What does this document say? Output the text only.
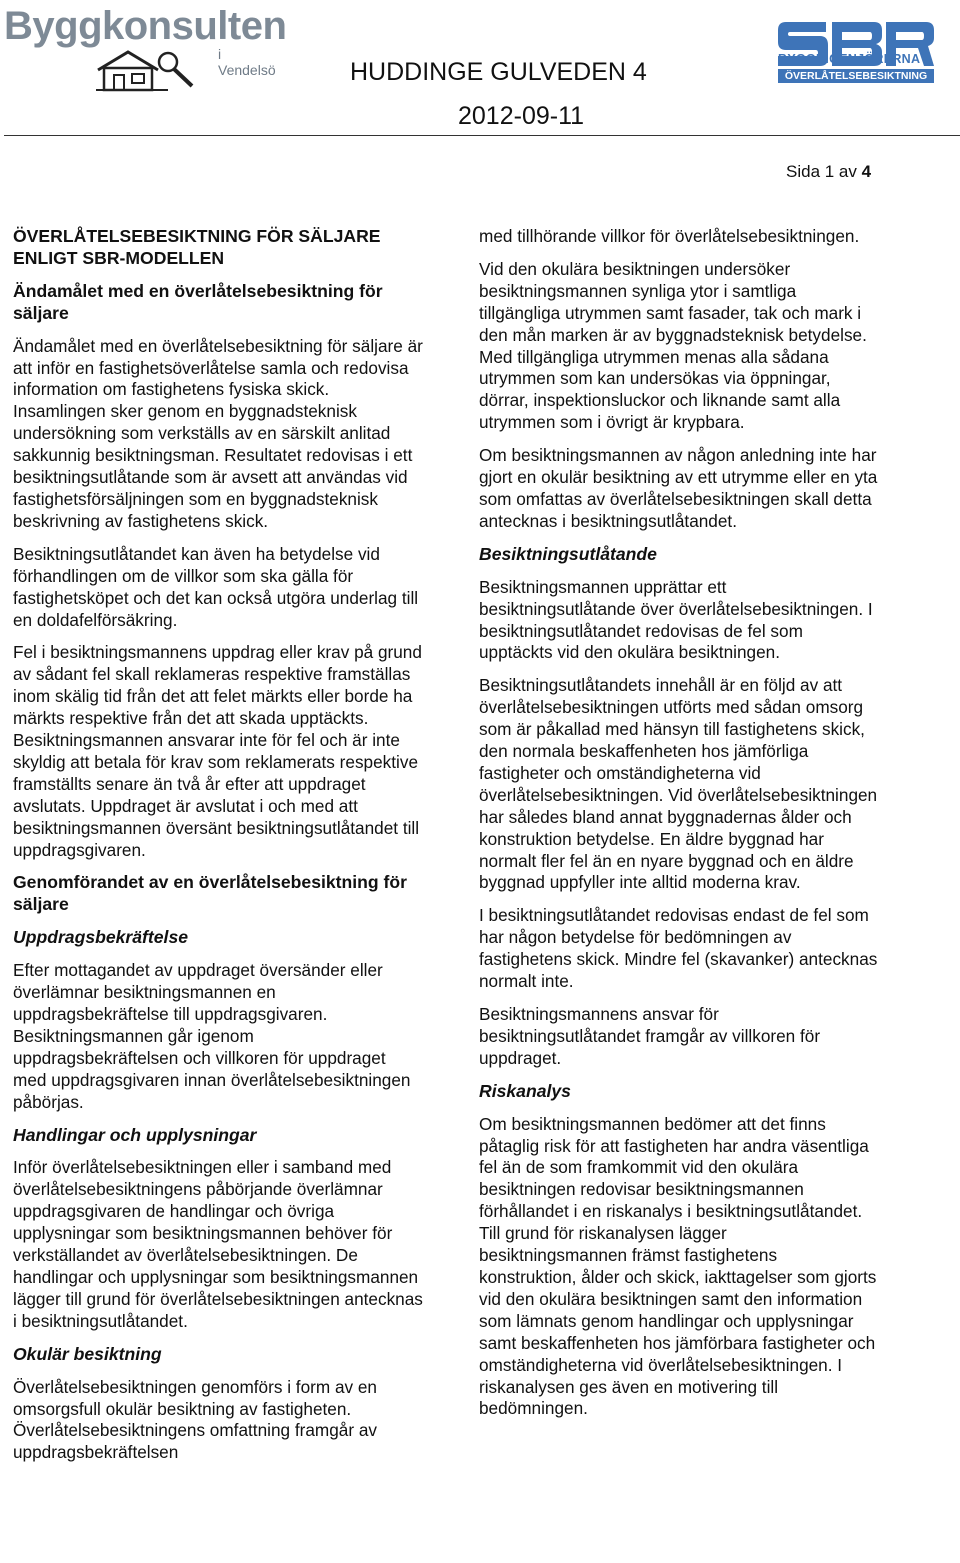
Byggkonsulten
i Vendelsö	HUDDINGE GULVEDEN 4
2012-09-11
BYGGINGENJÖRERNA
ÖVERLÅTELSEBESIKTNING
Sida 1 av 4
ÖVERLÅTELSEBESIKTNING FÖR SÄLJARE ENLIGT SBR-MODELLEN
Ändamålet med en överlåtelsebesiktning för säljare

Ändamålet med en överlåtelsebesiktning för säljare är att inför en fastighetsöverlåtelse samla och redovisa information om fastighetens fysiska skick. Insamlingen sker genom en byggnadsteknisk undersökning som verkställs av en särskilt anlitad sakkunnig besiktningsman. Resultatet redovisas i ett besiktningsutlåtande som är avsett att användas vid fastighetsförsäljningen som en byggnadsteknisk beskrivning av fastighetens skick.

Besiktningsutlåtandet kan även ha betydelse vid förhandlingen om de villkor som ska gälla för fastighetsköpet och det kan också utgöra underlag till en doldafelförsäkring.

Fel i besiktningsmannens uppdrag eller krav på grund av sådant fel skall reklameras respektive framställas inom skälig tid från det att felet märkts eller borde ha märkts respektive från det att skada upptäckts. Besiktningsmannen ansvarar inte för fel och är inte skyldig att betala för krav som reklamerats respektive framställts senare än två år efter att uppdraget avslutats. Uppdraget är avslutat i och med att besiktningsmannen översänt besiktningsutlåtandet till uppdragsgivaren.

Genomförandet av en överlåtelsebesiktning för säljare
Uppdragsbekräftelse

Efter mottagandet av uppdraget översänder eller överlämnar besiktningsmannen en uppdragsbekräftelse till uppdragsgivaren. Besiktningsmannen går igenom uppdragsbekräftelsen och villkoren för uppdraget med uppdragsgivaren innan överlåtelsebesiktningen påbörjas.

Handlingar och upplysningar

Inför överlåtelsebesiktningen eller i samband med överlåtelsebesiktningens påbörjande överlämnar uppdragsgivaren de handlingar och övriga upplysningar som besiktningsmannen behöver för verkställandet av överlåtelsebesiktningen. De handlingar och upplysningar som besiktningsmannen lägger till grund för överlåtelsebesiktningen antecknas i besiktningsutlåtandet.

Okulär besiktning

Överlåtelsebesiktningen genomförs i form av en omsorgsfull okulär besiktning av fastigheten. Överlåtelsebesiktningens omfattning framgår av uppdragsbekräftelsen

med tillhörande villkor för överlåtelsebesiktningen.

Vid den okulära besiktningen undersöker besiktningsmannen synliga ytor i samtliga tillgängliga utrymmen samt fasader, tak och mark i den mån marken är av byggnadsteknisk betydelse. Med tillgängliga utrymmen menas alla sådana utrymmen som kan undersökas via öppningar, dörrar, inspektionsluckor och liknande samt alla utrymmen som i övrigt är krypbara.

Om besiktningsmannen av någon anledning inte har gjort en okulär besiktning av ett utrymme eller en yta som omfattas av överlåtelsebesiktningen skall detta antecknas i besiktningsutlåtandet.

Besiktningsutlåtande

Besiktningsmannen upprättar ett besiktningsutlåtande över överlåtelsebesiktningen. I besiktningsutlåtandet redovisas de fel som upptäckts vid den okulära besiktningen.

Besiktningsutlåtandets innehåll är en följd av att överlåtelsebesiktningen utförts med sådan omsorg som är påkallad med hänsyn till fastighetens skick, den normala beskaffenheten hos jämförliga fastigheter och omständigheterna vid överlåtelsebesiktningen. Vid överlåtelsebesiktningen har således bland annat byggnadernas ålder och konstruktion betydelse. En äldre byggnad har normalt fler fel än en nyare byggnad och en äldre byggnad uppfyller inte alltid moderna krav.

I besiktningsutlåtandet redovisas endast de fel som har någon betydelse för bedömningen av fastighetens skick. Mindre fel (skavanker) antecknas normalt inte.

Besiktningsmannens ansvar för besiktningsutlåtandet framgår av villkoren för uppdraget.

Riskanalys

Om besiktningsmannen bedömer att det finns påtaglig risk för att fastigheten har andra väsentliga fel än de som framkommit vid den okulära besiktningen redovisar besiktningsmannen förhållandet i en riskanalys i besiktningsutlåtandet. Till grund för riskanalysen lägger besiktningsmannen främst fastighetens konstruktion, ålder och skick, iakttagelser som gjorts vid den okulära besiktningen samt den information som lämnats genom handlingar och upplysningar samt beskaffenheten hos jämförbara fastigheter och omständigheterna vid överlåtelsebesiktningen. I riskanalysen ges även en motivering till bedömningen.
